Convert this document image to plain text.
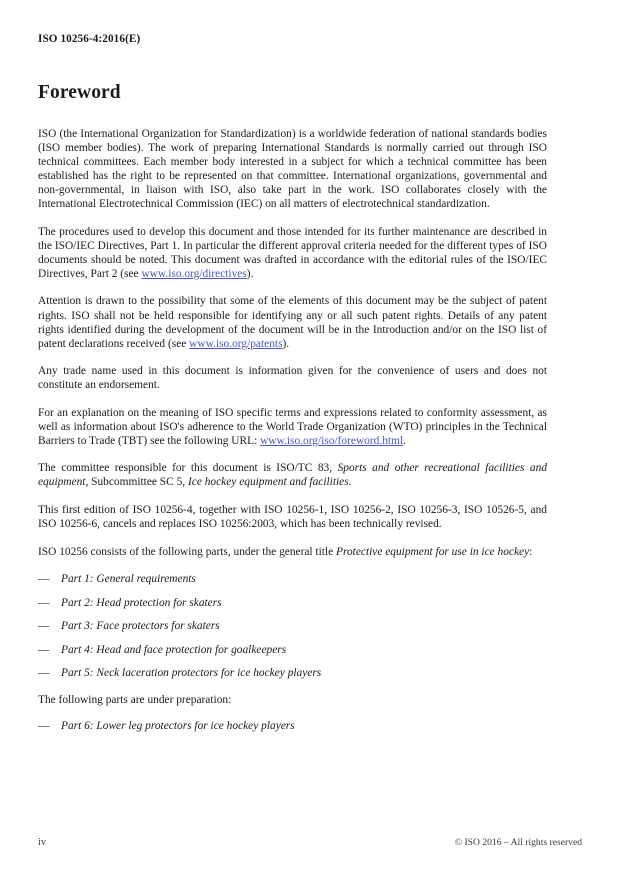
ISO 10256-4:2016(E)
Foreword

ISO (the International Organization for Standardization) is a worldwide federation of national standards bodies (ISO member bodies). The work of preparing International Standards is normally carried out through ISO technical committees. Each member body interested in a subject for which a technical committee has been established has the right to be represented on that committee. International organizations, governmental and non-governmental, in liaison with ISO, also take part in the work. ISO collaborates closely with the International Electrotechnical Commission (IEC) on all matters of electrotechnical standardization.

The procedures used to develop this document and those intended for its further maintenance are described in the ISO/IEC Directives, Part 1. In particular the different approval criteria needed for the different types of ISO documents should be noted. This document was drafted in accordance with the editorial rules of the ISO/IEC Directives, Part 2 (see www.iso.org/directives).

Attention is drawn to the possibility that some of the elements of this document may be the subject of patent rights. ISO shall not be held responsible for identifying any or all such patent rights. Details of any patent rights identified during the development of the document will be in the Introduction and/or on the ISO list of patent declarations received (see www.iso.org/patents).

Any trade name used in this document is information given for the convenience of users and does not constitute an endorsement.

For an explanation on the meaning of ISO specific terms and expressions related to conformity assessment, as well as information about ISO's adherence to the World Trade Organization (WTO) principles in the Technical Barriers to Trade (TBT) see the following URL: www.iso.org/iso/foreword.html.

The committee responsible for this document is ISO/TC 83, Sports and other recreational facilities and equipment, Subcommittee SC 5, Ice hockey equipment and facilities.

This first edition of ISO 10256-4, together with ISO 10256-1, ISO 10256-2, ISO 10256-3, ISO 10526-5, and ISO 10256-6, cancels and replaces ISO 10256:2003, which has been technically revised.

ISO 10256 consists of the following parts, under the general title Protective equipment for use in ice hockey:

— Part 1: General requirements
— Part 2: Head protection for skaters
— Part 3: Face protectors for skaters
— Part 4: Head and face protection for goalkeepers
— Part 5: Neck laceration protectors for ice hockey players

The following parts are under preparation:

— Part 6: Lower leg protectors for ice hockey players
iv	© ISO 2016 – All rights reserved
